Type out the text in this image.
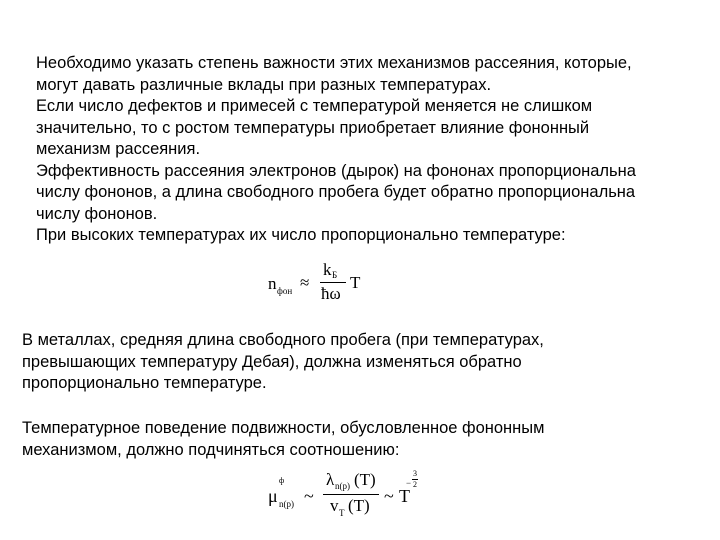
Необходимо указать степень важности этих механизмов рассеяния, которые,
могут давать различные вклады при разных температурах.
Если число дефектов и примесей с температурой меняется не слишком
значительно, то с ростом температуры приобретает влияние фононный
механизм рассеяния.
Эффективность рассеяния электронов (дырок) на фононах пропорциональна
числу фононов, а длина свободного пробега будет обратно пропорциональна
числу фононов.
При высоких температурах их число пропорционально температуре:
n фон ≈
k Б
ħω
T
В металлах, средняя длина свободного пробега (при температурах,
превышающих температуру Дебая), должна изменяться обратно
пропорционально температуре.
Температурное поведение подвижности, обусловленное фононным
механизмом, должно подчиняться соотношению:
μ
ф
n(p) ~
λ n(p) (T)
v T (T) ~ T
−
3
2
